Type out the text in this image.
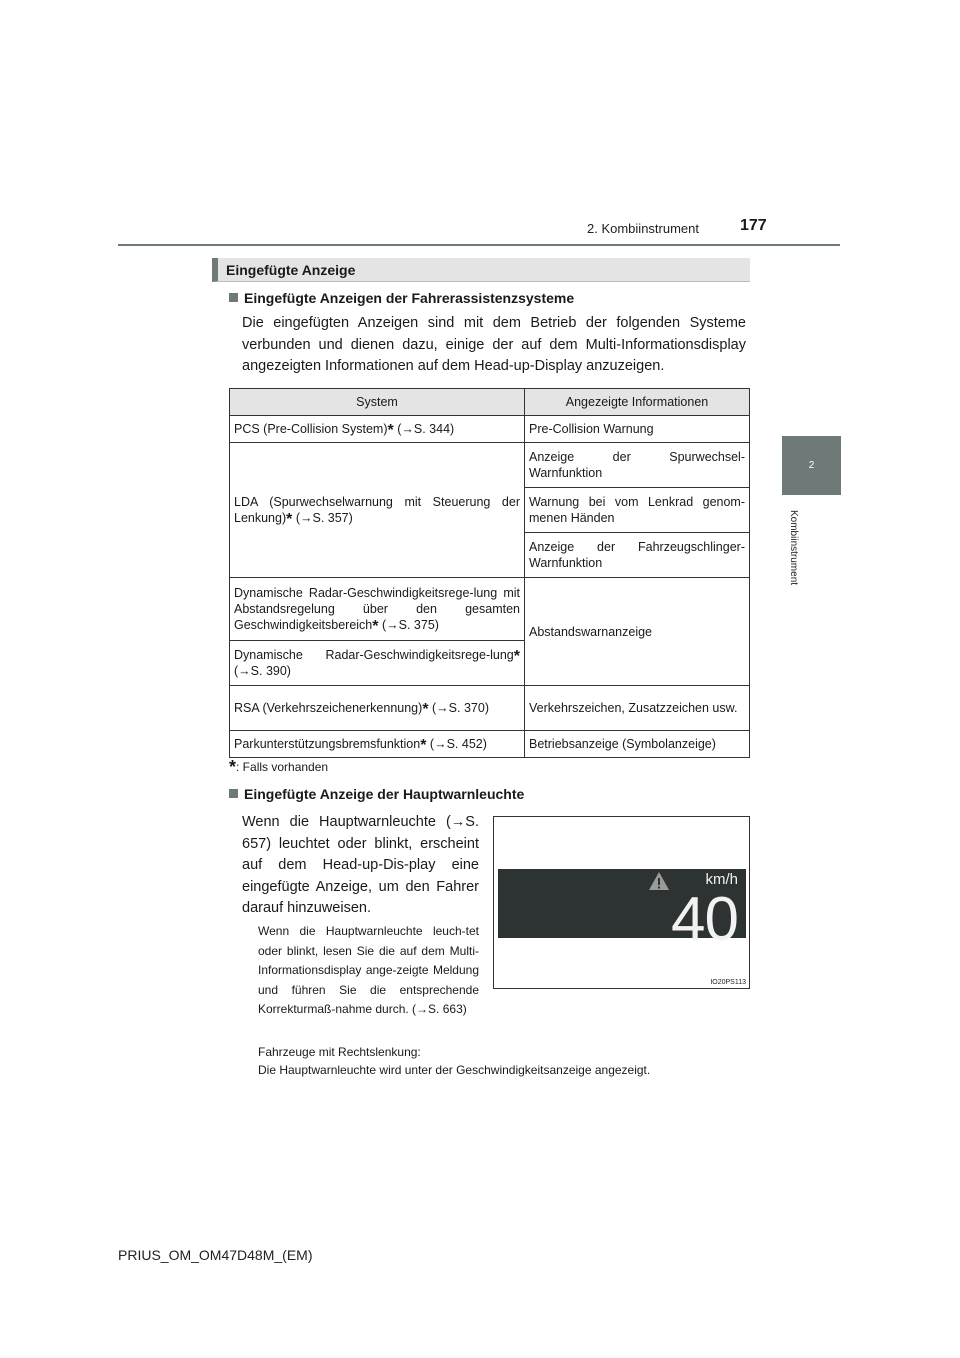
2. Kombiinstrument	177
2
Kombiinstrument
Eingefügte Anzeige
Eingefügte Anzeigen der Fahrerassistenzsysteme
Die eingefügten Anzeigen sind mit dem Betrieb der folgenden Systeme verbunden und dienen dazu, einige der auf dem Multi-Informationsdisplay angezeigten Informationen auf dem Head-up-Display anzuzeigen.
System	Angezeigte Informationen
PCS (Pre-Collision System)* (→S. 344)	Pre-Collision Warnung
LDA (Spurwechselwarnung mit Steuerung der Lenkung)* (→S. 357)	Anzeige der Spurwechsel-Warnfunktion
	Warnung bei vom Lenkrad genom-menen Händen
	Anzeige der Fahrzeugschlinger-Warnfunktion
Dynamische Radar-Geschwindigkeitsrege-lung mit Abstandsregelung über den gesamten Geschwindigkeitsbereich* (→S. 375)	Abstandswarnanzeige
Dynamische Radar-Geschwindigkeitsrege-lung* (→S. 390)	
RSA (Verkehrszeichenerkennung)* (→S. 370)	Verkehrszeichen, Zusatzzeichen usw.
Parkunterstützungsbremsfunktion* (→S. 452)	Betriebsanzeige (Symbolanzeige)
*: Falls vorhanden
Eingefügte Anzeige der Hauptwarnleuchte
Wenn die Hauptwarnleuchte (→S. 657) leuchtet oder blinkt, erscheint auf dem Head-up-Dis-play eine eingefügte Anzeige, um den Fahrer darauf hinzuweisen.
Wenn die Hauptwarnleuchte leuch-tet oder blinkt, lesen Sie die auf dem Multi-Informationsdisplay ange-zeigte Meldung und führen Sie die entsprechende Korrekturmaß-nahme durch. (→S. 663)
Fahrzeuge mit Rechtslenkung:
Die Hauptwarnleuchte wird unter der Geschwindigkeitsanzeige angezeigt.
km/h
40
IO20PS113
PRIUS_OM_OM47D48M_(EM)
